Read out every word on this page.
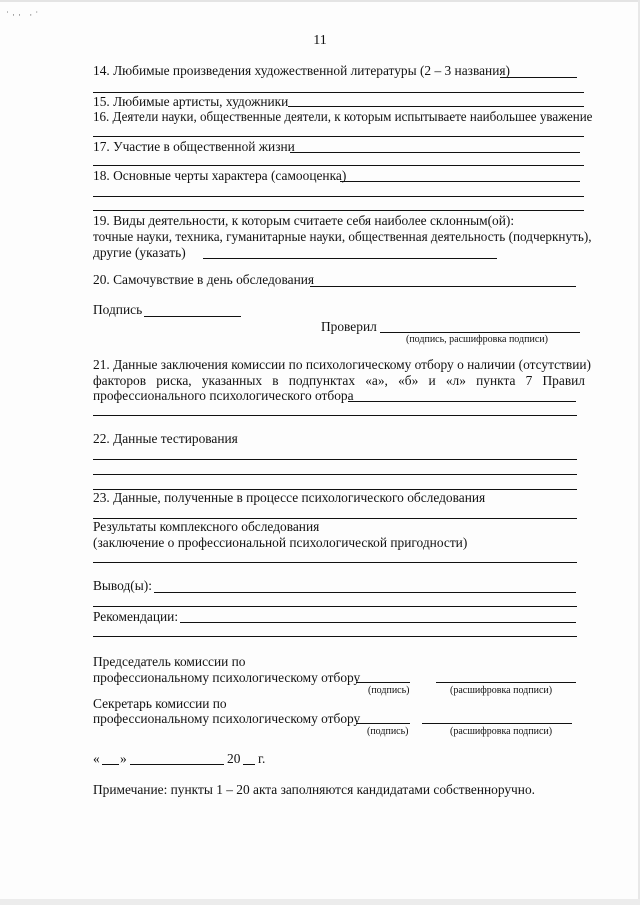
˙·· ·˙
11
14. Любимые произведения художественной литературы (2 – 3 названия)
15. Любимые артисты, художники
16. Деятели науки, общественные деятели, к которым испытываете наибольшее уважение
17. Участие в общественной жизни
18. Основные черты характера (самооценка)
19. Виды деятельности, к которым считаете себя наиболее склонным(ой):
точные науки, техника, гуманитарные науки, общественная деятельность (подчеркнуть),
другие (указать)
20. Самочувствие в день обследования
Подпись
Проверил
(подпись, расшифровка подписи)
21. Данные заключения комиссии по психологическому отбору о наличии (отсутствии)
факторов риска, указанных в подпунктах «а», «б» и «л» пункта 7 Правил
профессионального психологического отбора
22. Данные тестирования
23. Данные, полученные в процессе психологического обследования
Результаты комплексного обследования
(заключение о профессиональной психологической пригодности)
Вывод(ы):
Рекомендации:
Председатель комиссии по
профессиональному психологическому отбору
(подпись)	(расшифровка подписи)
Секретарь комиссии по
профессиональному психологическому отбору
(подпись)	(расшифровка подписи)
« »	20 г.
Примечание: пункты 1 – 20 акта заполняются кандидатами собственноручно.
